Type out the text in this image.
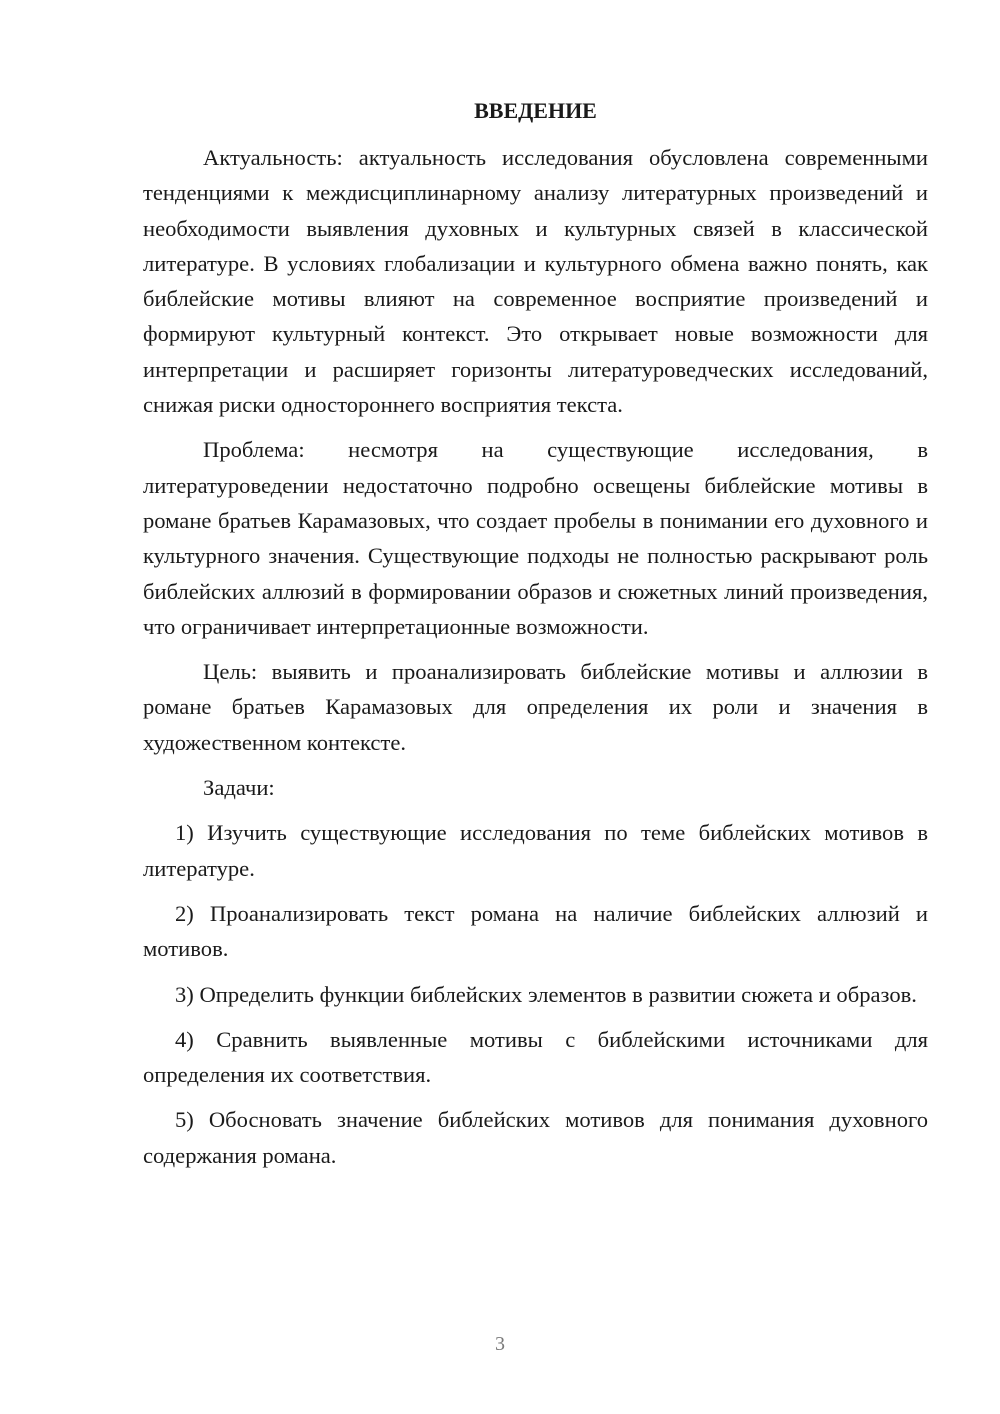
ВВЕДЕНИЕ

Актуальность: актуальность исследования обусловлена современными тенденциями к междисциплинарному анализу литературных произведений и необходимости выявления духовных и культурных связей в классической литературе. В условиях глобализации и культурного обмена важно понять, как библейские мотивы влияют на современное восприятие произведений и формируют культурный контекст. Это открывает новые возможности для интерпретации и расширяет горизонты литературоведческих исследований, снижая риски одностороннего восприятия текста.

Проблема: несмотря на существующие исследования, в литературоведении недостаточно подробно освещены библейские мотивы в романе братьев Карамазовых, что создает пробелы в понимании его духовного и культурного значения. Существующие подходы не полностью раскрывают роль библейских аллюзий в формировании образов и сюжетных линий произведения, что ограничивает интерпретационные возможности.

Цель: выявить и проанализировать библейские мотивы и аллюзии в романе братьев Карамазовых для определения их роли и значения в художественном контексте.

Задачи:

1) Изучить существующие исследования по теме библейских мотивов в литературе.

2) Проанализировать текст романа на наличие библейских аллюзий и мотивов.

3) Определить функции библейских элементов в развитии сюжета и образов.

4) Сравнить выявленные мотивы с библейскими источниками для определения их соответствия.

5) Обосновать значение библейских мотивов для понимания духовного содержания романа.

3
